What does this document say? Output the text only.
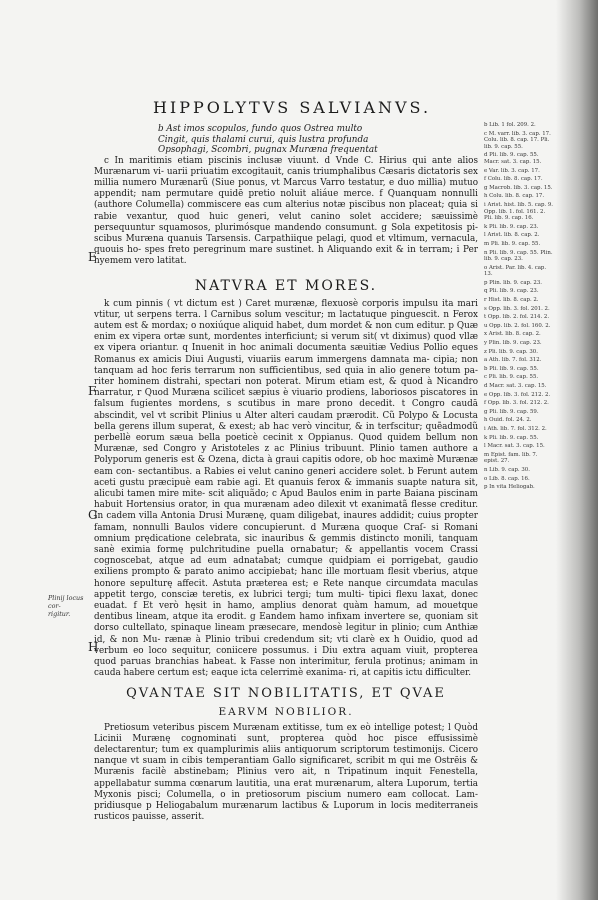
HIPPOLYTVS SALVIANVS.

b Ast imos scopulos, fundo quos Ostrea multo
Cingit, quis thalami curui, quis lustra profunda
Opsophagi, Scombri, pugnax Muræna frequentat

c In maritimis etiam piscinis inclusæ viuunt. d Vnde C. Hirius qui ante alios Murænarum vi- uarii priuatim excogitauit, canis triumphalibus Cæsaris dictatoris sex millia numero Murænarũ (Siue ponus, vt Marcus Varro testatur, e duo millia) mutuo appendit; nam permutare quidē pretio noluit aliáue merce. f Quanquam nonnulli (authore Columella) commiscere eas cum alterius notæ piscibus non placeat; quia si rabie vexantur, quod huic generi, velut canino solet accidere; sæuissimè persequuntur squamosos, plurimósque mandendo consumunt. g Sola expetitosis pi- scibus Muræna quanuis Tarsensis. Carpathiique pelagi, quod et vltimum, vernacula, quouis ho- spes freto peregrinum mare sustinet. h Aliquando exit & in terram; i Per hyemem vero latitat.

NATVRA ET MORES.

k cum pinnis ( vt dictum est ) Caret murænæ, flexuosè corporis impulsu ita mari vtitur, ut serpens terra. l Carnibus solum vescitur; m lactatuque pinguescit. n Ferox autem est & mordax; o noxiúque aliquid habet, dum mordet & non cum editur. p Quæ enim ex vipera ortæ sunt, mordentes interficiunt; si verum sit( vt diximus) quod vllæ ex vipera oriantur. q Inuenit in hoc animali documenta sæuitiæ Vedius Pollio eques Romanus ex amicis Diui Augusti, viuariis earum immergens damnata ma- cipia; non tanquam ad hoc feris terrarum non sufficientibus, sed quia in alio genere totum pa- riter hominem distrahi, spectari non poterat. Mirum etiam est, & quod à Nicandro narratur, r Quod Muræna scilicet sæpius è viuario prodiens, laboriosos piscatores in falsum fugientes mordens, s scutibus in mare prono decedit. t Congro caudā abscindit, vel vt scribit Plinius u Alter alteri caudam prærodit. Cũ Polypo & Locusta bella gerens illum superat, & exest; ab hac verò vincitur, & in terfscitur; quẽadmodũ perbellè eorum sæua bella poeticè cecinit x Oppianus. Quod quidem bellum non Murænæ, sed Congro y Aristoteles z ac Plinius tribuunt. Plinio tamen authore a Polyporum generis est & Ozena, dicta à graui capitis odore, ob hoc maximè Murænæ eam con- sectantibus. a Rabies ei velut canino generi accidere solet. b Ferunt autem aceti gustu præcipuè eam rabie agi. Et quanuis ferox & immanis suapte natura sit, alicubi tamen mire mite- scit aliquãdo; c Apud Baulos enim in parte Baiana piscinam habuit Hortensius orator, in qua murænam adeo dilexit vt exanimatã flesse creditur. In cadem villa Antonia Drusi Murænę, quam diligebat, inaures addidit; cuius propter famam, nonnulli Baulos videre concupierunt. d Muræna quoque Craſ- si Romani omnium prędicatione celebrata, sic inauribus & gemmis distincto monili, tanquam sanè eximia formę pulchritudine puella ornabatur; & appellantis vocem Crassi cognoscebat, atque ad eum adnatabat; cumque quidpiam ei porrigebat, gaudio exiliens prompto & parato animo accipiebat; hanc ille mortuam flesit vberius, atque honore sepulturę affecit. Astuta præterea est; e Rete nanque circumdata maculas appetit tergo, consciæ teretis, ex lubrici tergi; tum multi- tipici flexu laxat, donec euadat. f Et verò hęsit in hamo, amplius denorat quàm hamum, ad mouetque dentibus lineam, atque ita erodit. g Eandem hamo infixam invertere se, quoniam sit dorso cultellato, spinaque lineam præsecare, mendosè legitur in plinio; cum Anthiæ id, & non Mu- rænæ à Plinio tribui credendum sit; vti clarè ex h Ouidio, quod ad verbum eo loco sequitur, coniicere possumus. i Diu extra aquam viuit, propterea quod paruas branchias habeat. k Fasse non interimitur, ferula protinus; animam in cauda habere certum est; eaque icta celerrimè exanima- ri, at capitis ictu difficulter.

QVANTAE SIT NOBILITATIS, ET QVAE
EARVM NOBILIOR.

Pretiosum veteribus piscem Murænam extitisse, tum ex eò intellige potest; l Quòd Licinii Murænę cognominati sunt, propterea quòd hoc pisce effusissimè delectarentur; tum ex quamplurimis aliis antiquorum scriptorum testimonijs. Cicero nanque vt suam in cibis temperantiam Gallo significaret, scribit m qui me Ostrēis & Murænis facilè abstinebam; Plinius vero ait, n Tripatinum inquit Fenestella, appellabatur summa cœnarum lautitia, una erat murænarum, altera Luporum, tertia Myxonis pisci; Columella, o in pretiosorum piscium numero eam collocat. Lam- pridiusque p Heliogabalum murænarum lactibus & Luporum in locis mediterraneis rusticos pauisse, asserit.

E
F
G
H
Plinij locus cor-
rigitur.
b Lib. 1 fol. 209. 2.
c M. varr. lib. 3. cap. 17. Colu. lib. 8. cap. 17. Pli. lib. 9. cap. 55.
d Pli. lib. 9. cap. 55. Macr. sat. 3. cap. 15.
e Var. lib. 3. cap. 17.
f Colu. lib. 8. cap. 17.
g Macrob. lib. 3. cap. 15.
h Colu. lib. 8. cap. 17.
i Arist. hist. lib. 5. cap. 9. Opp. lib. 1. fol. 161. 2. Pli. lib. 9. cap. 16.
k Pli. lib. 9. cap. 23.
l Arist. lib. 8. cap. 2.
m Pli. lib. 9. cap. 55.
n Pli. lib. 9. cap. 55. Plin. lib. 9. cap. 23.
o Arist. Par. lib. 4. cap. 13.
p Plin. lib. 9. cap. 23.
q Pli. lib. 9. cap. 23.
r Hist. lib. 8. cap. 2.
s Opp. lib. 3. fol. 201. 2.
t Opp. lib. 2. fol. 214. 2.
u Opp. lib. 2. fol. 160. 2.
x Arist. lib. 8. cap. 2.
y Plin. lib. 9. cap. 23.
z Pli. lib. 9. cap. 30.
a Ath. lib. 7. fol. 312.
b Pli. lib. 9. cap. 55.
c Pli. lib. 9. cap. 55.
d Macr. sat. 3. cap. 15.
e Opp. lib. 3. fol. 212. 2.
f Opp. lib. 3. fol. 212. 2.
g Pli. lib. 9. cap. 59.
h Ouid. fol. 24. 2.
i Ath. lib. 7. fol. 312. 2.
k Pli. lib. 9. cap. 55.
l Macr. sat. 3. cap. 15.
m Epist. fam. lib. 7. epist. 27.
n Lib. 9. cap. 30.
o Lib. 8. cap. 16.
p In vita Heliogab.
